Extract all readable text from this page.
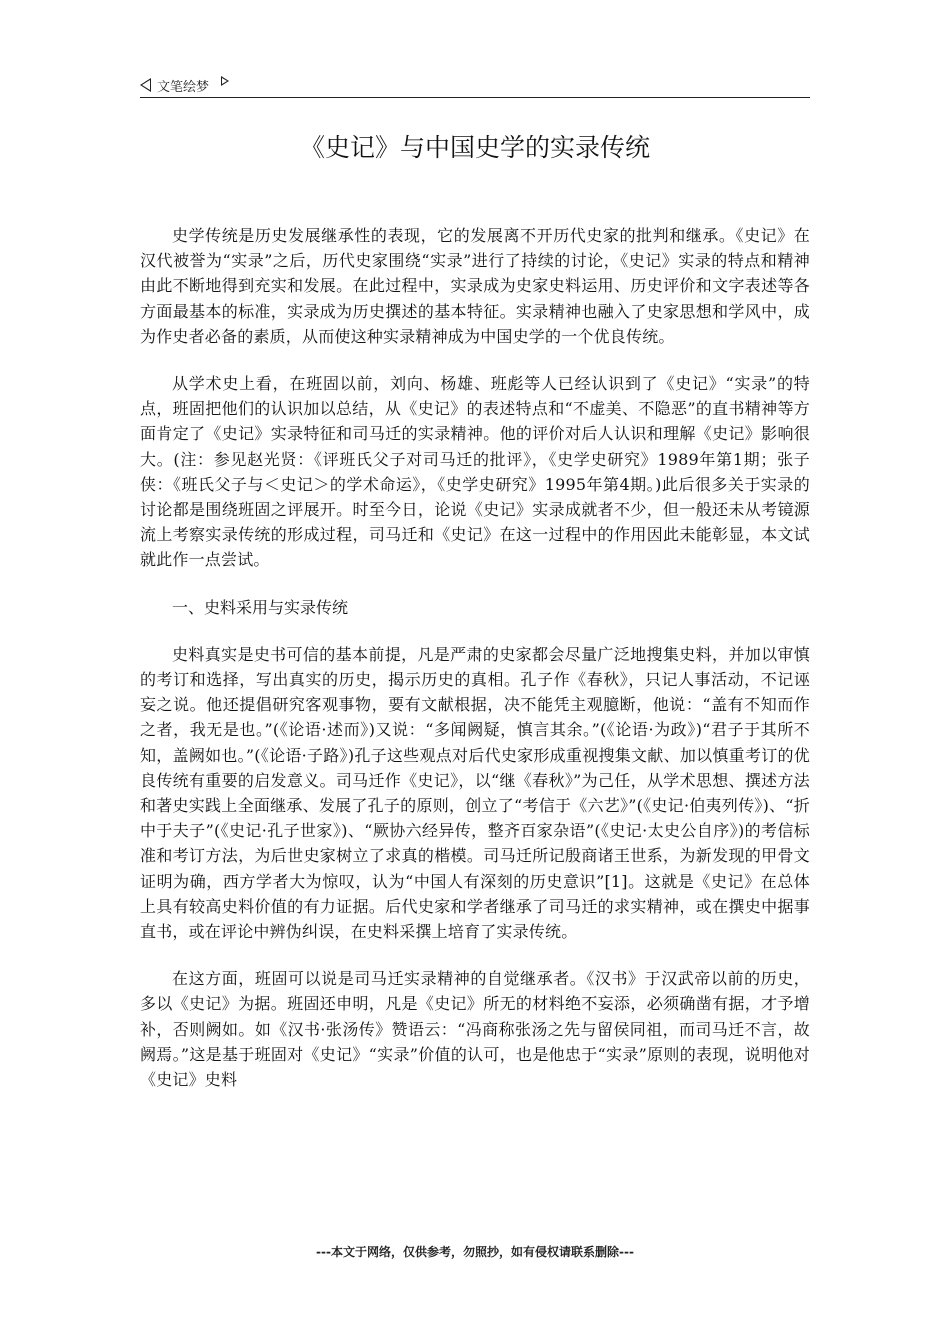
文笔绘梦
《史记》与中国史学的实录传统

史学传统是历史发展继承性的表现，它的发展离不开历代史家的批判和继承。《史记》在汉代被誉为“实录”之后，历代史家围绕“实录”进行了持续的讨论，《史记》实录的特点和精神由此不断地得到充实和发展。在此过程中，实录成为史家史料运用、历史评价和文字表述等各方面最基本的标准，实录成为历史撰述的基本特征。实录精神也融入了史家思想和学风中，成为作史者必备的素质，从而使这种实录精神成为中国史学的一个优良传统。

从学术史上看，在班固以前，刘向、杨雄、班彪等人已经认识到了《史记》“实录”的特点，班固把他们的认识加以总结，从《史记》的表述特点和“不虚美、不隐恶”的直书精神等方面肯定了《史记》实录特征和司马迁的实录精神。他的评价对后人认识和理解《史记》影响很大。(注：参见赵光贤：《评班氏父子对司马迁的批评》，《史学史研究》1989年第1期；张子侠：《班氏父子与＜史记＞的学术命运》，《史学史研究》1995年第4期。)此后很多关于实录的讨论都是围绕班固之评展开。时至今日，论说《史记》实录成就者不少，但一般还未从考镜源流上考察实录传统的形成过程，司马迁和《史记》在这一过程中的作用因此未能彰显，本文试就此作一点尝试。

一、史料采用与实录传统

史料真实是史书可信的基本前提，凡是严肃的史家都会尽量广泛地搜集史料，并加以审慎的考订和选择，写出真实的历史，揭示历史的真相。孔子作《春秋》，只记人事活动，不记诬妄之说。他还提倡研究客观事物，要有文献根据，决不能凭主观臆断，他说：“盖有不知而作之者，我无是也。”(《论语·述而》)又说：“多闻阙疑，慎言其余。”(《论语·为政》)“君子于其所不知，盖阙如也。”(《论语·子路》)孔子这些观点对后代史家形成重视搜集文献、加以慎重考订的优良传统有重要的启发意义。司马迁作《史记》，以“继《春秋》”为己任，从学术思想、撰述方法和著史实践上全面继承、发展了孔子的原则，创立了“考信于《六艺》”(《史记·伯夷列传》)、“折中于夫子”(《史记·孔子世家》)、“厥协六经异传，整齐百家杂语”(《史记·太史公自序》)的考信标准和考订方法，为后世史家树立了求真的楷模。司马迁所记殷商诸王世系，为新发现的甲骨文证明为确，西方学者大为惊叹，认为“中国人有深刻的历史意识”[1]。这就是《史记》在总体上具有较高史料价值的有力证据。后代史家和学者继承了司马迁的求实精神，或在撰史中据事直书，或在评论中辨伪纠误，在史料采撰上培育了实录传统。

在这方面，班固可以说是司马迁实录精神的自觉继承者。《汉书》于汉武帝以前的历史，多以《史记》为据。班固还申明，凡是《史记》所无的材料绝不妄添，必须确凿有据，才予增补，否则阙如。如《汉书·张汤传》赞语云：“冯商称张汤之先与留侯同祖，而司马迁不言，故阙焉。”这是基于班固对《史记》“实录”价值的认可，也是他忠于“实录”原则的表现，说明他对《史记》史料

---本文于网络，仅供参考，勿照抄，如有侵权请联系删除---
